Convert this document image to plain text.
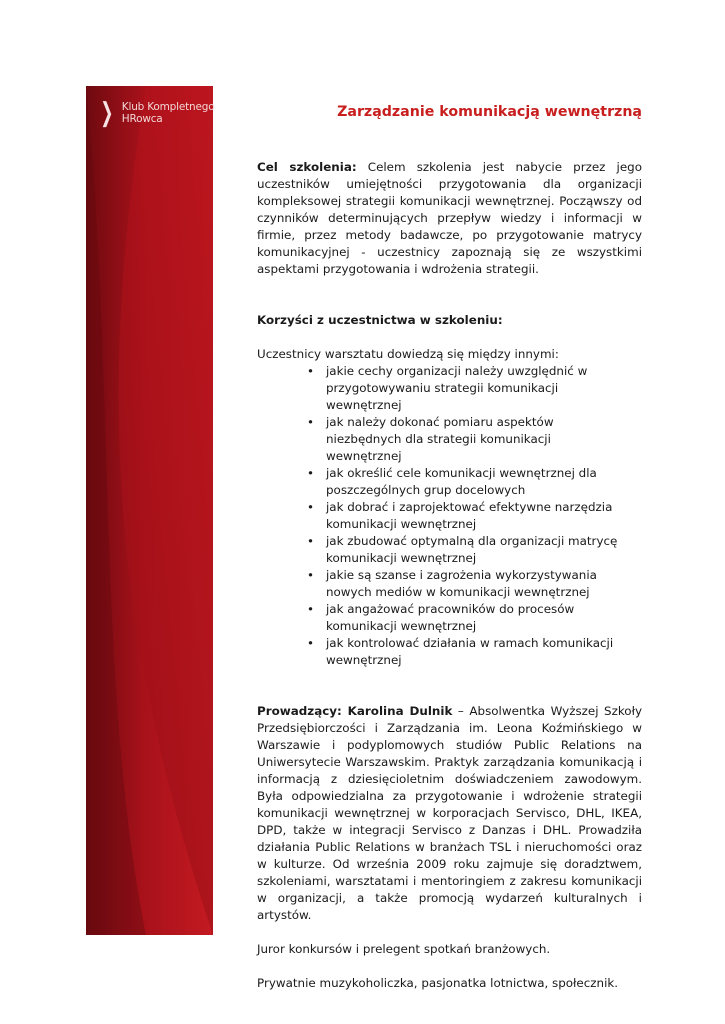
❯ Klub Kompletnego
HRowca	Zarządzanie komunikacją wewnętrzną

Cel szkolenia: Celem szkolenia jest nabycie przez jego uczestników umiejętności przygotowania dla organizacji kompleksowej strategii komunikacji wewnętrznej. Począwszy od czynników determinujących przepływ wiedzy i informacji w firmie, przez metody badawcze, po przygotowanie matrycy komunikacyjnej - uczestnicy zapoznają się ze wszystkimi aspektami przygotowania i wdrożenia strategii.

Korzyści z uczestnictwa w szkoleniu:

Uczestnicy warsztatu dowiedzą się między innymi:

• jakie cechy organizacji należy uwzględnić w przygotowywaniu strategii komunikacji wewnętrznej
• jak należy dokonać pomiaru aspektów niezbędnych dla strategii komunikacji wewnętrznej
• jak określić cele komunikacji wewnętrznej dla poszczególnych grup docelowych
• jak dobrać i zaprojektować efektywne narzędzia komunikacji wewnętrznej
• jak zbudować optymalną dla organizacji matrycę komunikacji wewnętrznej
• jakie są szanse i zagrożenia wykorzystywania nowych mediów w komunikacji wewnętrznej
• jak angażować pracowników do procesów komunikacji wewnętrznej
• jak kontrolować działania w ramach komunikacji wewnętrznej

Prowadzący: Karolina Dulnik – Absolwentka Wyższej Szkoły Przedsiębiorczości i Zarządzania im. Leona Koźmińskiego w Warszawie i podyplomowych studiów Public Relations na Uniwersytecie Warszawskim. Praktyk zarządzania komunikacją i informacją z dziesięcioletnim doświadczeniem zawodowym. Była odpowiedzialna za przygotowanie i wdrożenie strategii komunikacji wewnętrznej w korporacjach Servisco, DHL, IKEA, DPD, także w integracji Servisco z Danzas i DHL. Prowadziła działania Public Relations w branżach TSL i nieruchomości oraz w kulturze. Od września 2009 roku zajmuje się doradztwem, szkoleniami, warsztatami i mentoringiem z zakresu komunikacji w organizacji, a także promocją wydarzeń kulturalnych i artystów.

Juror konkursów i prelegent spotkań branżowych.

Prywatnie muzykoholiczka, pasjonatka lotnictwa, społecznik.
